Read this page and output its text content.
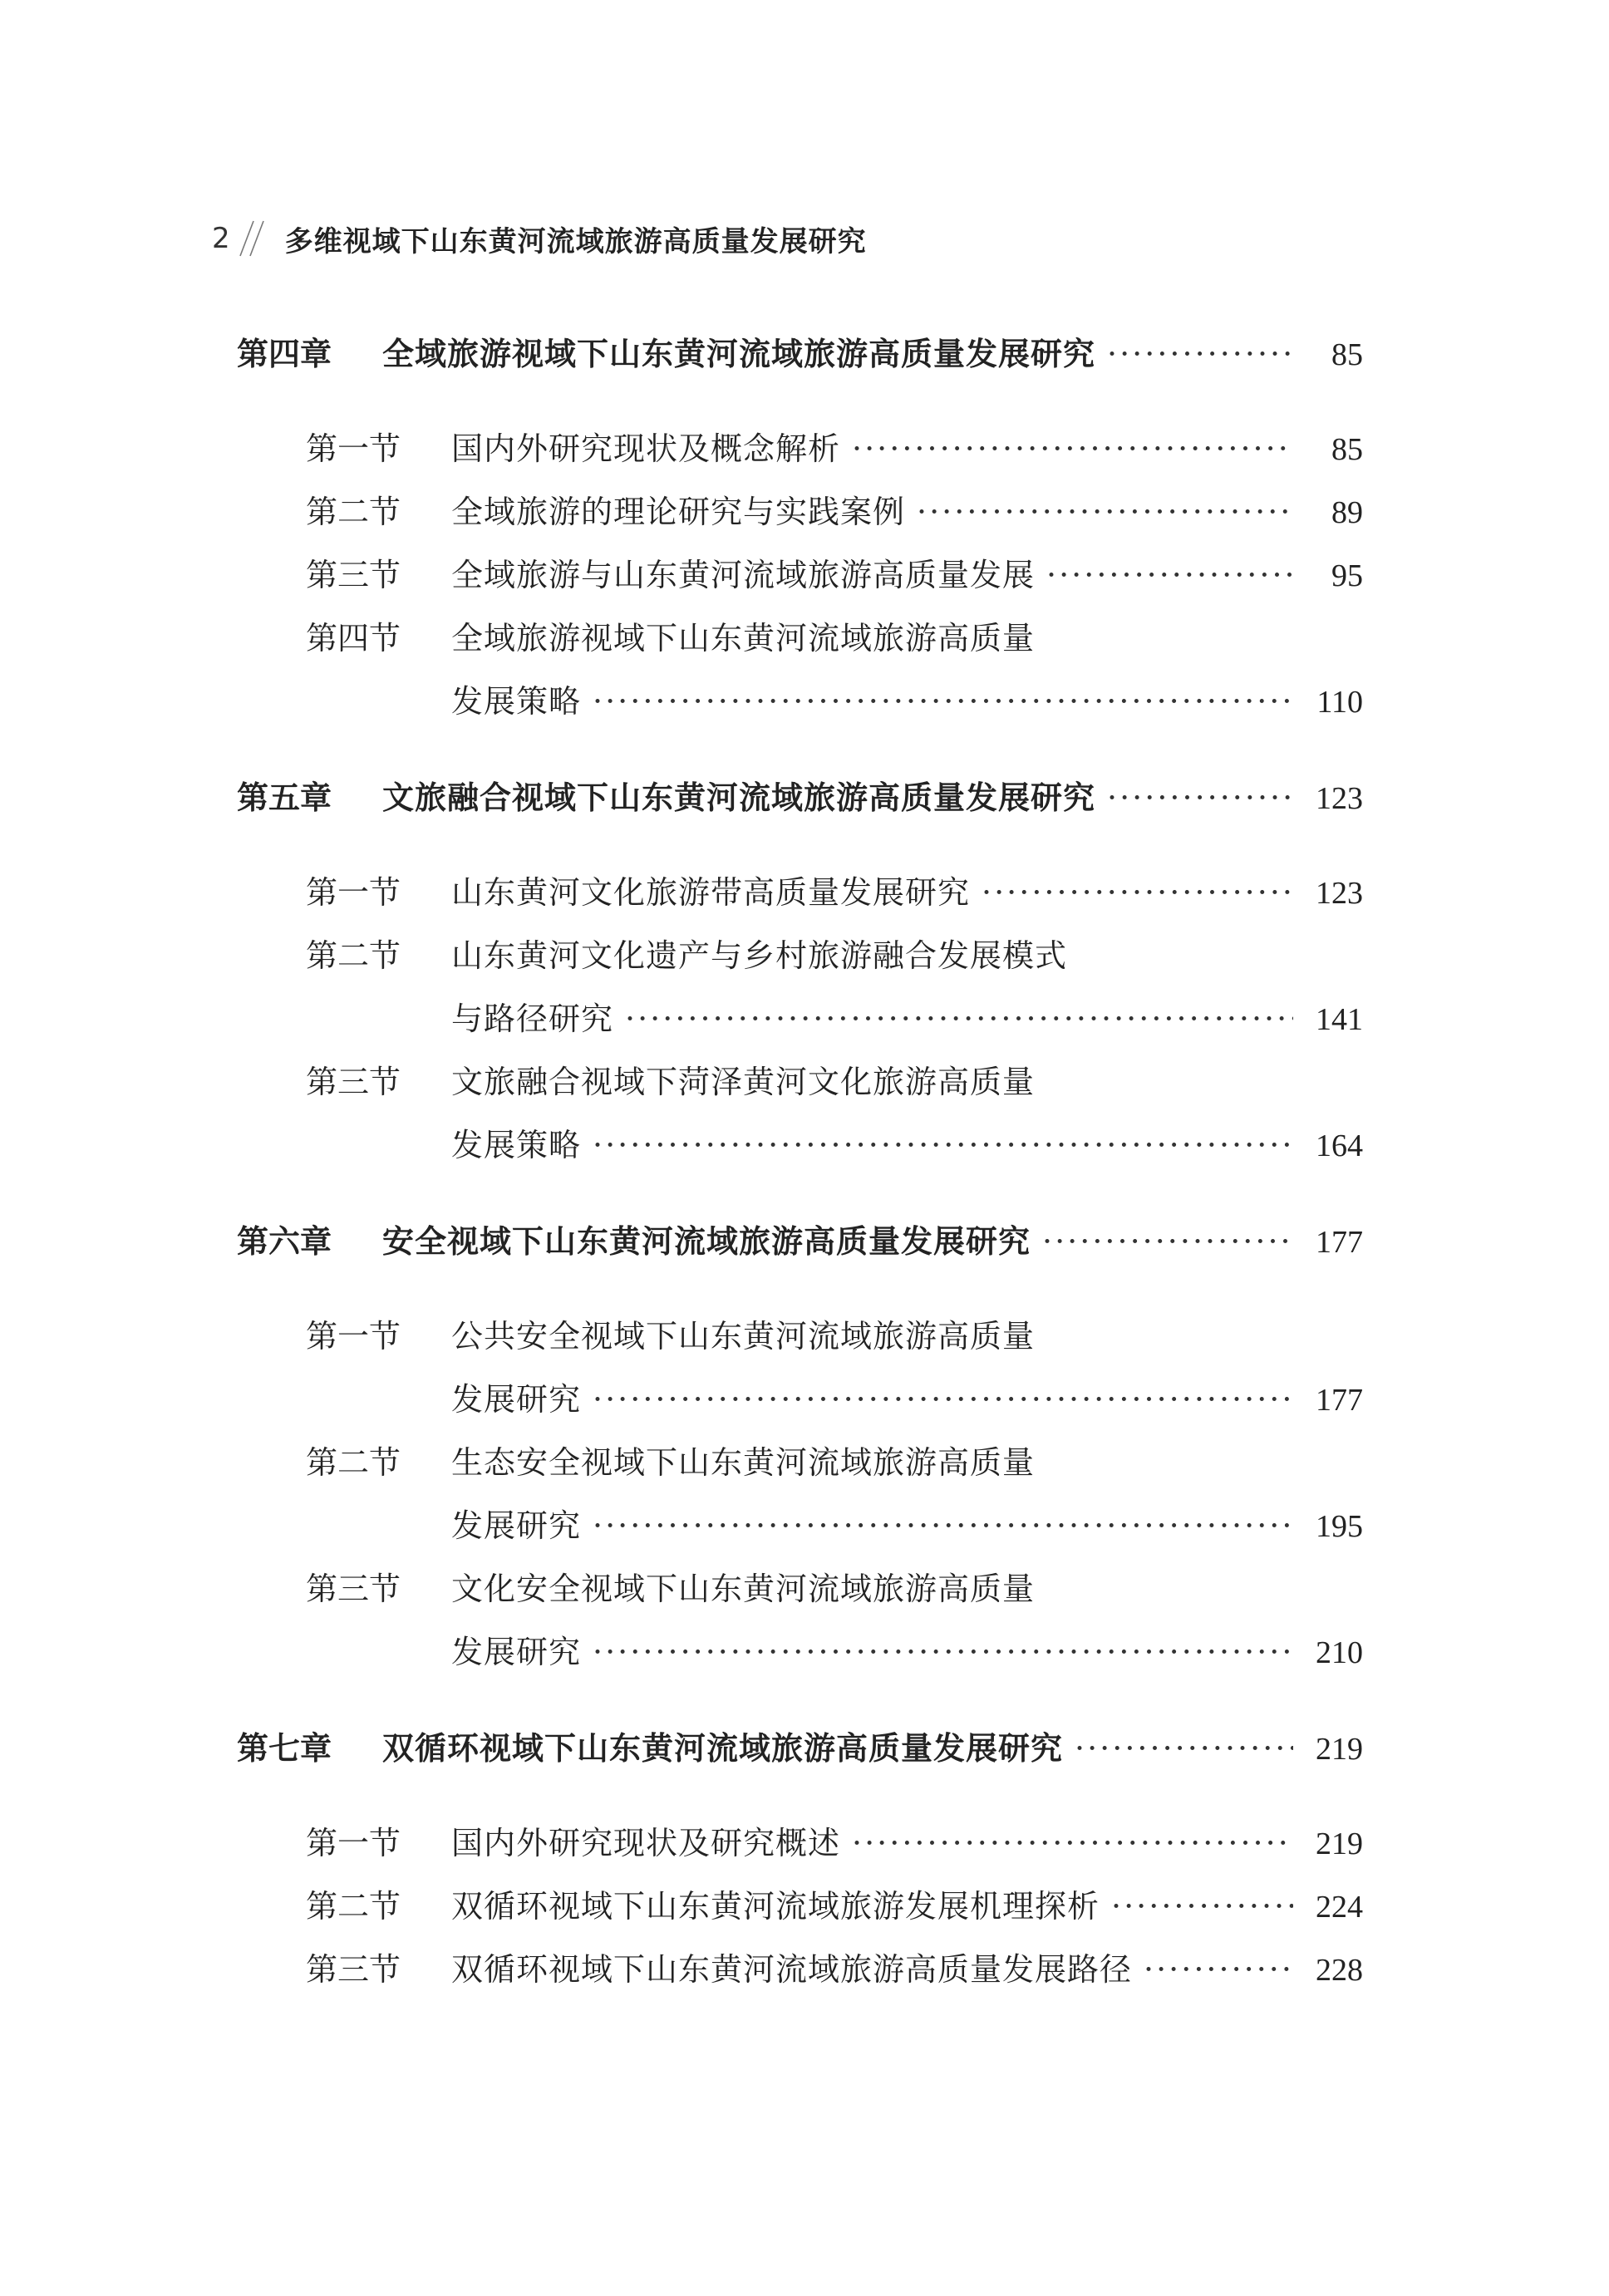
2 多维视域下山东黄河流域旅游高质量发展研究
第四章	全域旅游视域下山东黄河流域旅游高质量发展研究 ·····	85
第一节	国内外研究现状及概念解析 ·····	85
第二节	全域旅游的理论研究与实践案例 ·····	89
第三节	全域旅游与山东黄河流域旅游高质量发展 ·····	95
第四节	全域旅游视域下山东黄河流域旅游高质量
发展策略 ·····	110
第五章	文旅融合视域下山东黄河流域旅游高质量发展研究 ·····	123
第一节	山东黄河文化旅游带高质量发展研究 ·····	123
第二节	山东黄河文化遗产与乡村旅游融合发展模式
与路径研究 ·····	141
第三节	文旅融合视域下菏泽黄河文化旅游高质量
发展策略 ·····	164
第六章	安全视域下山东黄河流域旅游高质量发展研究 ·····	177
第一节	公共安全视域下山东黄河流域旅游高质量
发展研究 ·····	177
第二节	生态安全视域下山东黄河流域旅游高质量
发展研究 ·····	195
第三节	文化安全视域下山东黄河流域旅游高质量
发展研究 ·····	210
第七章	双循环视域下山东黄河流域旅游高质量发展研究 ·····	219
第一节	国内外研究现状及研究概述 ·····	219
第二节	双循环视域下山东黄河流域旅游发展机理探析 ·····	224
第三节	双循环视域下山东黄河流域旅游高质量发展路径 ·····	228
